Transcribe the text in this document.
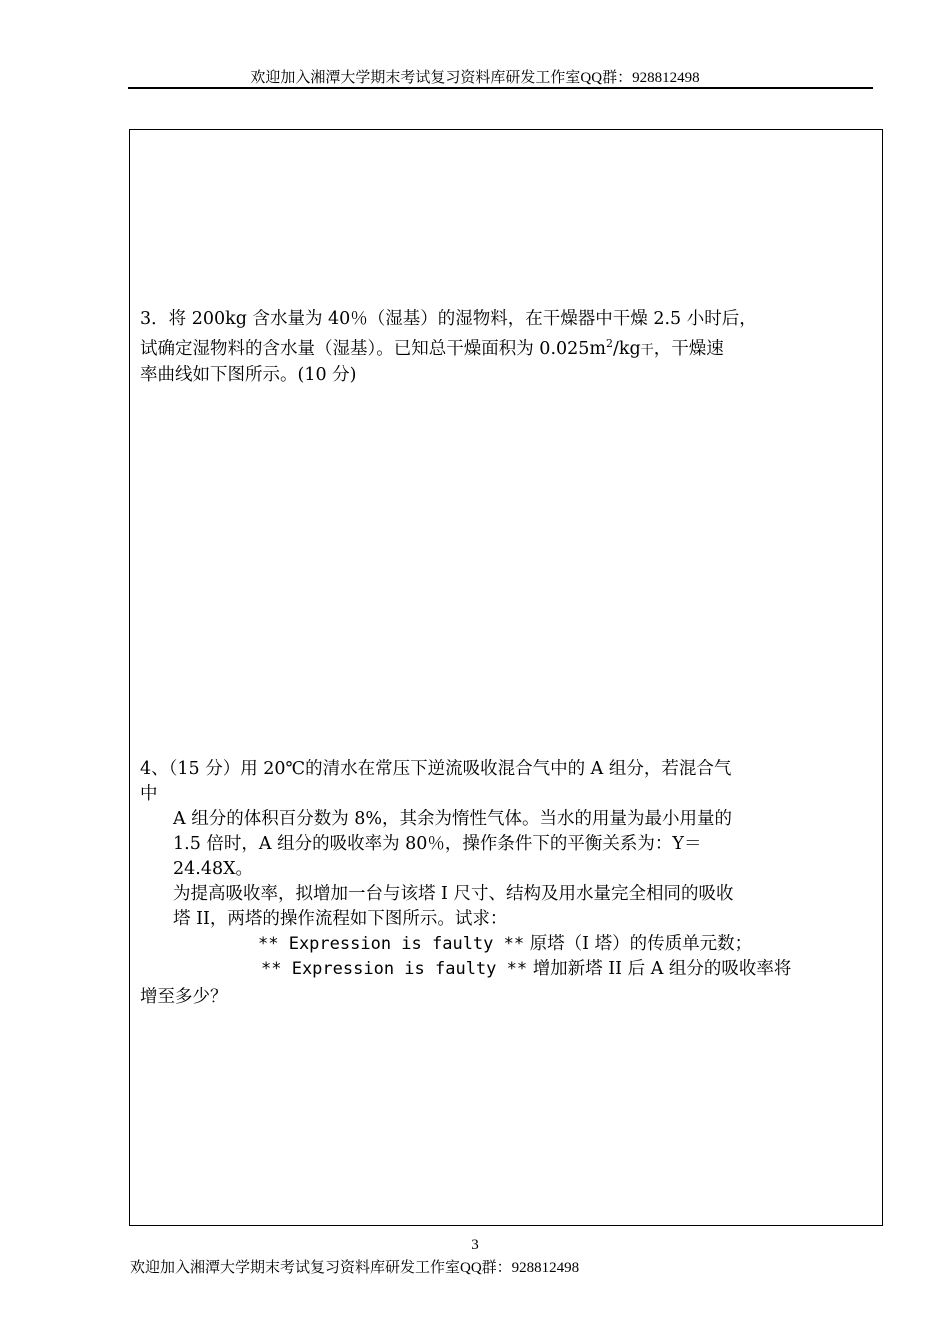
欢迎加入湘潭大学期末考试复习资料库研发工作室QQ群：928812498
3．将 200kg 含水量为 40％（湿基）的湿物料，在干燥器中干燥 2.5 小时后，
试确定湿物料的含水量（湿基）。已知总干燥面积为 $0.025m^2/kg$干，干燥速
率曲线如下图所示。(10 分)
4、（15 分）用 20℃的清水在常压下逆流吸收混合气中的 A 组分，若混合气
中
A 组分的体积百分数为 8%，其余为惰性气体。当水的用量为最小用量的
1.5 倍时，A 组分的吸收率为 80％，操作条件下的平衡关系为：Y＝
24.48X。
为提高吸收率，拟增加一台与该塔 I 尺寸、结构及用水量完全相同的吸收
塔 II，两塔的操作流程如下图所示。试求：
** Expression is faulty ** 原塔（I 塔）的传质单元数；
** Expression is faulty ** 增加新塔 II 后 A 组分的吸收率将
增至多少？
3
欢迎加入湘潭大学期末考试复习资料库研发工作室QQ群：928812498
